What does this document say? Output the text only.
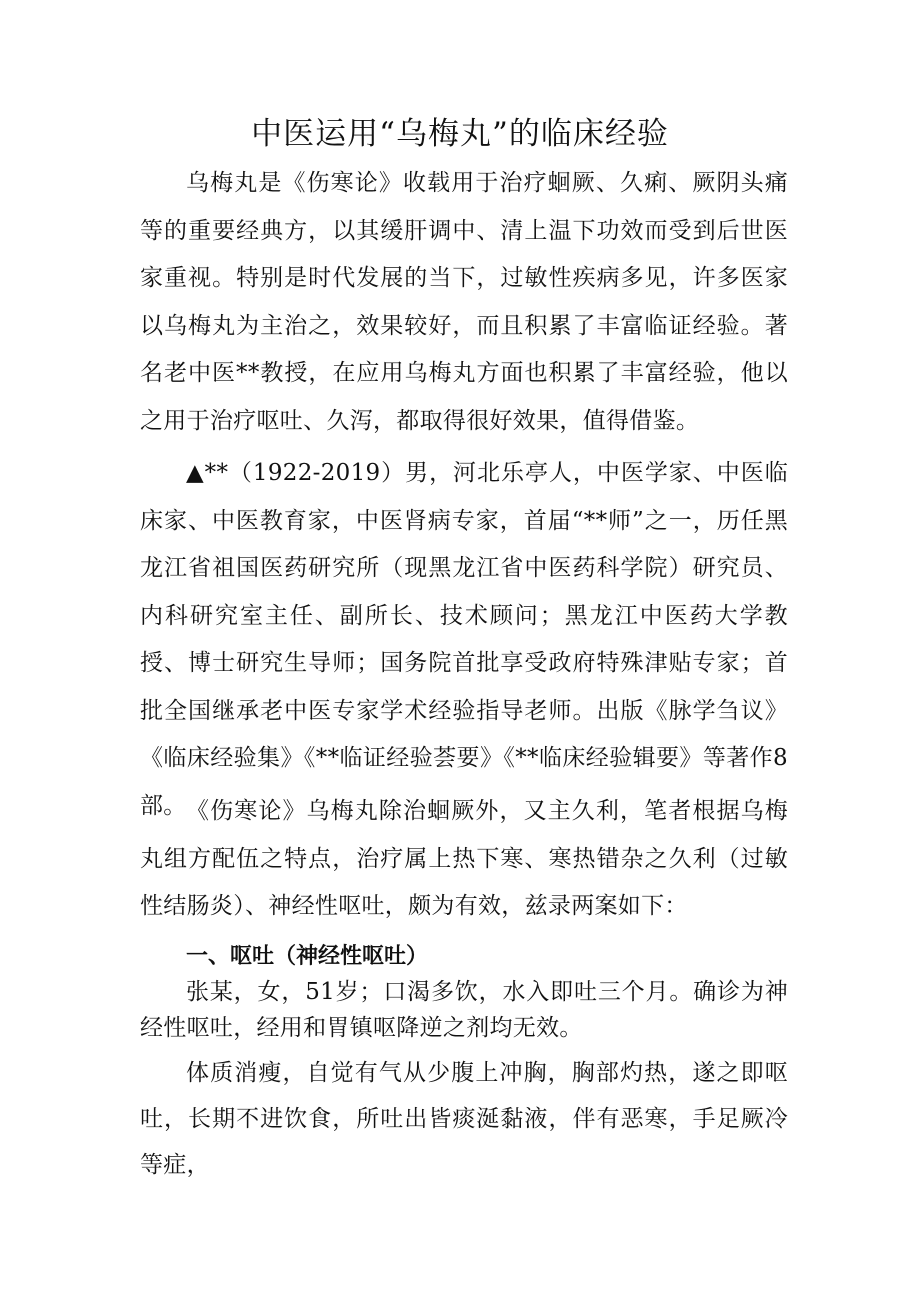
中医运用“乌梅丸”的临床经验
乌梅丸是《伤寒论》收载用于治疗蛔厥、久痢、厥阴头痛等的重要经典方，以其缓肝调中、清上温下功效而受到后世医家重视。特别是时代发展的当下，过敏性疾病多见，许多医家以乌梅丸为主治之，效果较好，而且积累了丰富临证经验。著名老中医**教授，在应用乌梅丸方面也积累了丰富经验，他以之用于治疗呕吐、久泻，都取得很好效果，值得借鉴。
▲**（1922-2019）男，河北乐亭人，中医学家、中医临床家、中医教育家，中医肾病专家，首届“**师”之一，历任黑龙江省祖国医药研究所（现黑龙江省中医药科学院）研究员、内科研究室主任、副所长、技术顾问；黑龙江中医药大学教授、博士研究生导师；国务院首批享受政府特殊津贴专家；首批全国继承老中医专家学术经验指导老师。出版《脉学刍议》《临床经验集》《**临证经验荟要》《**临床经验辑要》等著作8部。 《伤寒论》乌梅丸除治蛔厥外，又主久利，笔者根据乌梅丸组方配伍之特点，治疗属上热下寒、寒热错杂之久利（过敏性结肠炎）、神经性呕吐，颇为有效，兹录两案如下：
一、呕吐（神经性呕吐）
张某，女，51岁；口渴多饮，水入即吐三个月。确诊为神经性呕吐，经用和胃镇呕降逆之剂均无效。
体质消瘦，自觉有气从少腹上冲胸，胸部灼热，遂之即呕吐，长期不进饮食，所吐出皆痰涎黏液，伴有恶寒，手足厥冷等症，
